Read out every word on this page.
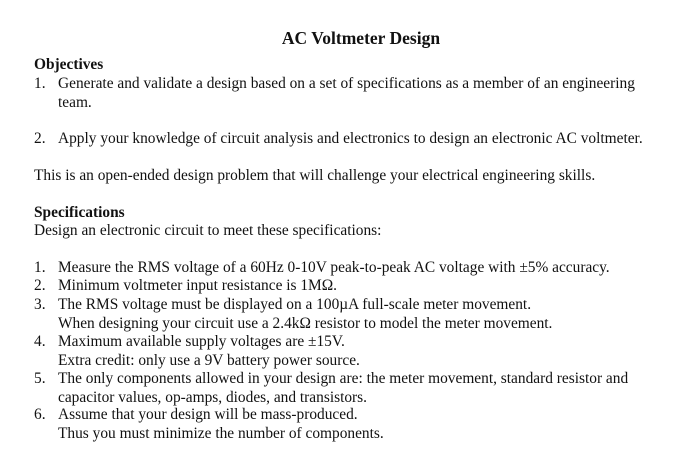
AC Voltmeter Design
Objectives
1. Generate and validate a design based on a set of specifications as a member of an engineering
team.
2. Apply your knowledge of circuit analysis and electronics to design an electronic AC voltmeter.
This is an open-ended design problem that will challenge your electrical engineering skills.
Specifications
Design an electronic circuit to meet these specifications:
1. Measure the RMS voltage of a 60Hz 0-10V peak-to-peak AC voltage with ±5% accuracy.
2. Minimum voltmeter input resistance is 1MΩ.
3. The RMS voltage must be displayed on a 100µA full-scale meter movement.
When designing your circuit use a 2.4kΩ resistor to model the meter movement.
4. Maximum available supply voltages are ±15V.
Extra credit: only use a 9V battery power source.
5. The only components allowed in your design are: the meter movement, standard resistor and
capacitor values, op-amps, diodes, and transistors.
6. Assume that your design will be mass-produced.
Thus you must minimize the number of components.
